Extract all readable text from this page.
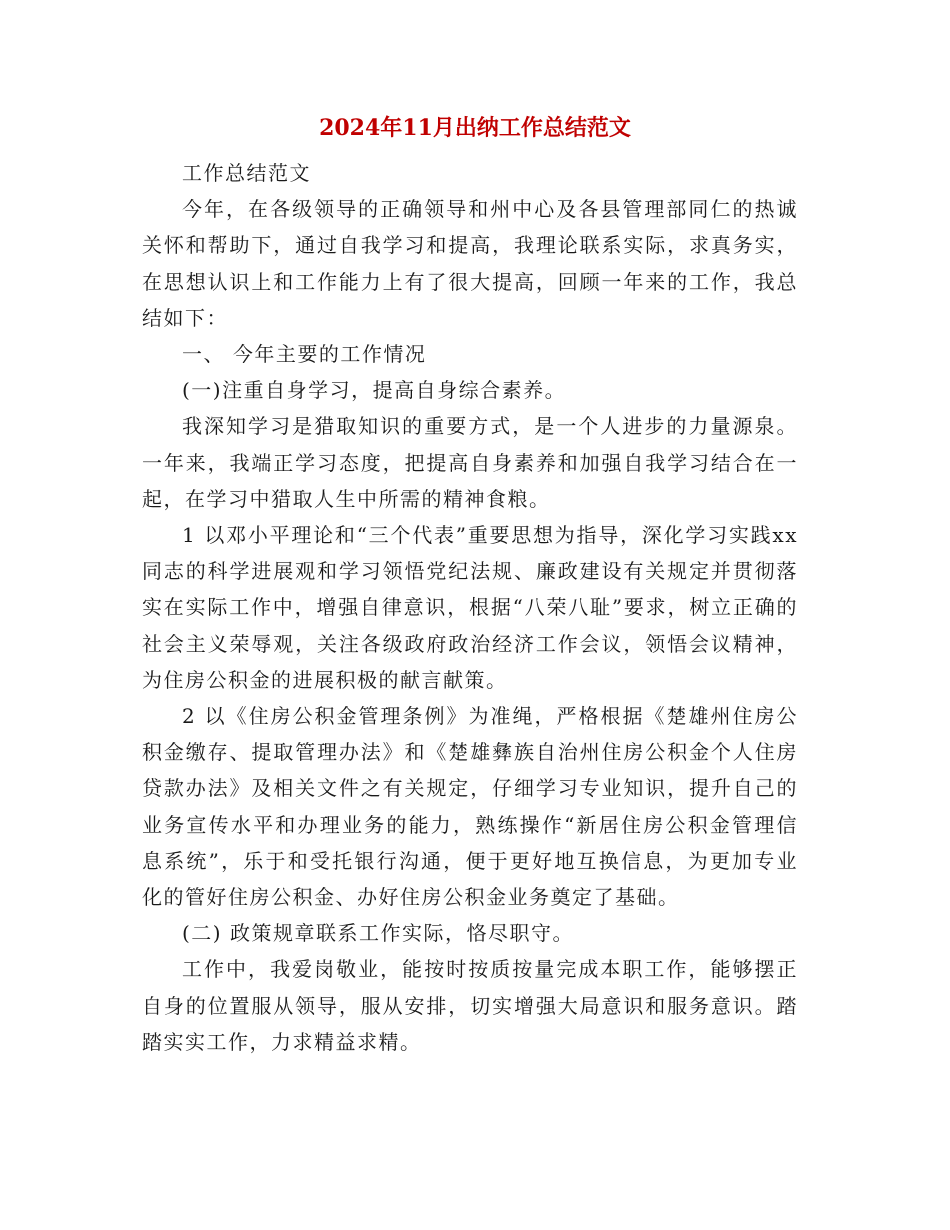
2024年11月出纳工作总结范文

工作总结范文

今年，在各级领导的正确领导和州中心及各县管理部同仁的热诚关怀和帮助下，通过自我学习和提高，我理论联系实际，求真务实，在思想认识上和工作能力上有了很大提高，回顾一年来的工作，我总结如下：

一、 今年主要的工作情况

(一)注重自身学习，提高自身综合素养。

我深知学习是猎取知识的重要方式，是一个人进步的力量源泉。一年来，我端正学习态度，把提高自身素养和加强自我学习结合在一起，在学习中猎取人生中所需的精神食粮。

1 以邓小平理论和“三个代表”重要思想为指导，深化学习实践xx同志的科学进展观和学习领悟党纪法规、廉政建设有关规定并贯彻落实在实际工作中，增强自律意识，根据“八荣八耻”要求，树立正确的社会主义荣辱观，关注各级政府政治经济工作会议，领悟会议精神，为住房公积金的进展积极的献言献策。

2 以《住房公积金管理条例》为准绳，严格根据《楚雄州住房公积金缴存、提取管理办法》和《楚雄彝族自治州住房公积金个人住房贷款办法》及相关文件之有关规定，仔细学习专业知识，提升自己的业务宣传水平和办理业务的能力，熟练操作“新居住房公积金管理信息系统”，乐于和受托银行沟通，便于更好地互换信息，为更加专业化的管好住房公积金、办好住房公积金业务奠定了基础。

(二) 政策规章联系工作实际，恪尽职守。

工作中，我爱岗敬业，能按时按质按量完成本职工作，能够摆正自身的位置服从领导，服从安排，切实增强大局意识和服务意识。踏踏实实工作，力求精益求精。
